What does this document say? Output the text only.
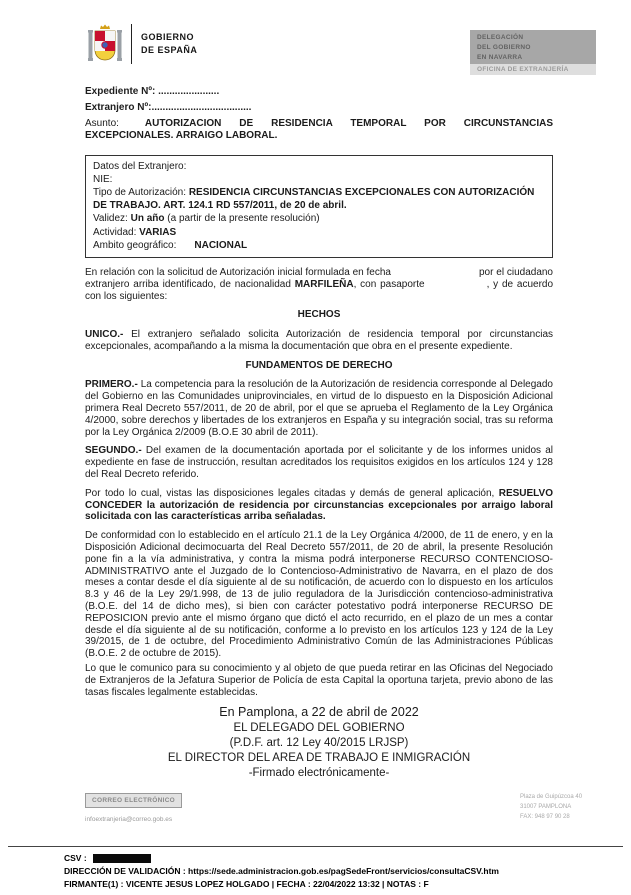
GOBIERNO
DE ESPAÑA
DELEGACIÓN
DEL GOBIERNO
EN NAVARRA
OFICINA DE EXTRANJERÍA
Expediente Nº: ......................
Extranjero Nº:....................................

Asunto:	AUTORIZACION DE RESIDENCIA TEMPORAL POR CIRCUNSTANCIAS EXCEPCIONALES. ARRAIGO LABORAL.

Datos del Extranjero:
NIE:
Tipo de Autorización: RESIDENCIA CIRCUNSTANCIAS EXCEPCIONALES CON AUTORIZACIÓN DE TRABAJO. ART. 124.1 RD 557/2011, de 20 de abril.
Validez: Un año (a partir de la presente resolución)
Actividad: VARIAS
Ambito geográfico: NACIONAL

En relación con la solicitud de Autorización inicial formulada en fecha	por el ciudadano extranjero arriba identificado, de nacionalidad MARFILEÑA, con pasaporte	, y de acuerdo con los siguientes:

HECHOS

UNICO.- El extranjero señalado solicita Autorización de residencia temporal por circunstancias excepcionales, acompañando a la misma la documentación que obra en el presente expediente.

FUNDAMENTOS DE DERECHO

PRIMERO.- La competencia para la resolución de la Autorización de residencia corresponde al Delegado del Gobierno en las Comunidades uniprovinciales, en virtud de lo dispuesto en la Disposición Adicional primera Real Decreto 557/2011, de 20 de abril, por el que se aprueba el Reglamento de la Ley Orgánica 4/2000, sobre derechos y libertades de los extranjeros en España y su integración social, tras su reforma por la Ley Orgánica 2/2009 (B.O.E 30 abril de 2011).

SEGUNDO.- Del examen de la documentación aportada por el solicitante y de los informes unidos al expediente en fase de instrucción, resultan acreditados los requisitos exigidos en los artículos 124 y 128 del Real Decreto referido.

Por todo lo cual, vistas las disposiciones legales citadas y demás de general aplicación, RESUELVO CONCEDER la autorización de residencia por circunstancias excepcionales por arraigo laboral solicitada con las características arriba señaladas.

De conformidad con lo establecido en el artículo 21.1 de la Ley Orgánica 4/2000, de 11 de enero, y en la Disposición Adicional decimocuarta del Real Decreto 557/2011, de 20 de abril, la presente Resolución pone fin a la vía administrativa, y contra la misma podrá interponerse RECURSO CONTENCIOSO-ADMINISTRATIVO ante el Juzgado de lo Contencioso-Administrativo de Navarra, en el plazo de dos meses a contar desde el día siguiente al de su notificación, de acuerdo con lo dispuesto en los artículos 8.3 y 46 de la Ley 29/1.998, de 13 de julio reguladora de la Jurisdicción contencioso-administrativa (B.O.E. del 14 de dicho mes), si bien con carácter potestativo podrá interponerse RECURSO DE REPOSICION previo ante el mismo órgano que dictó el acto recurrido, en el plazo de un mes a contar desde el día siguiente al de su notificación, conforme a lo previsto en los artículos 123 y 124 de la Ley 39/2015, de 1 de octubre, del Procedimiento Administrativo Común de las Administraciones Públicas (B.O.E. 2 de octubre de 2015).

Lo que le comunico para su conocimiento y al objeto de que pueda retirar en las Oficinas del Negociado de Extranjeros de la Jefatura Superior de Policía de esta Capital la oportuna tarjeta, previo abono de las tasas fiscales legalmente establecidas.

En Pamplona, a 22 de abril de 2022
EL DELEGADO DEL GOBIERNO
(P.D.F. art. 12 Ley 40/2015 LRJSP)
EL DIRECTOR DEL AREA DE TRABAJO E INMIGRACIÓN
-Firmado electrónicamente-
CORREO ELECTRÓNICO
infoextranjeria@correo.gob.es
Plaza de Guipúzcoa 40
31007 PAMPLONA
FAX: 948 97 90 28
CSV :
DIRECCIÓN DE VALIDACIÓN : https://sede.administracion.gob.es/pagSedeFront/servicios/consultaCSV.htm
FIRMANTE(1) : VICENTE JESUS LOPEZ HOLGADO | FECHA : 22/04/2022 13:32 | NOTAS : F
